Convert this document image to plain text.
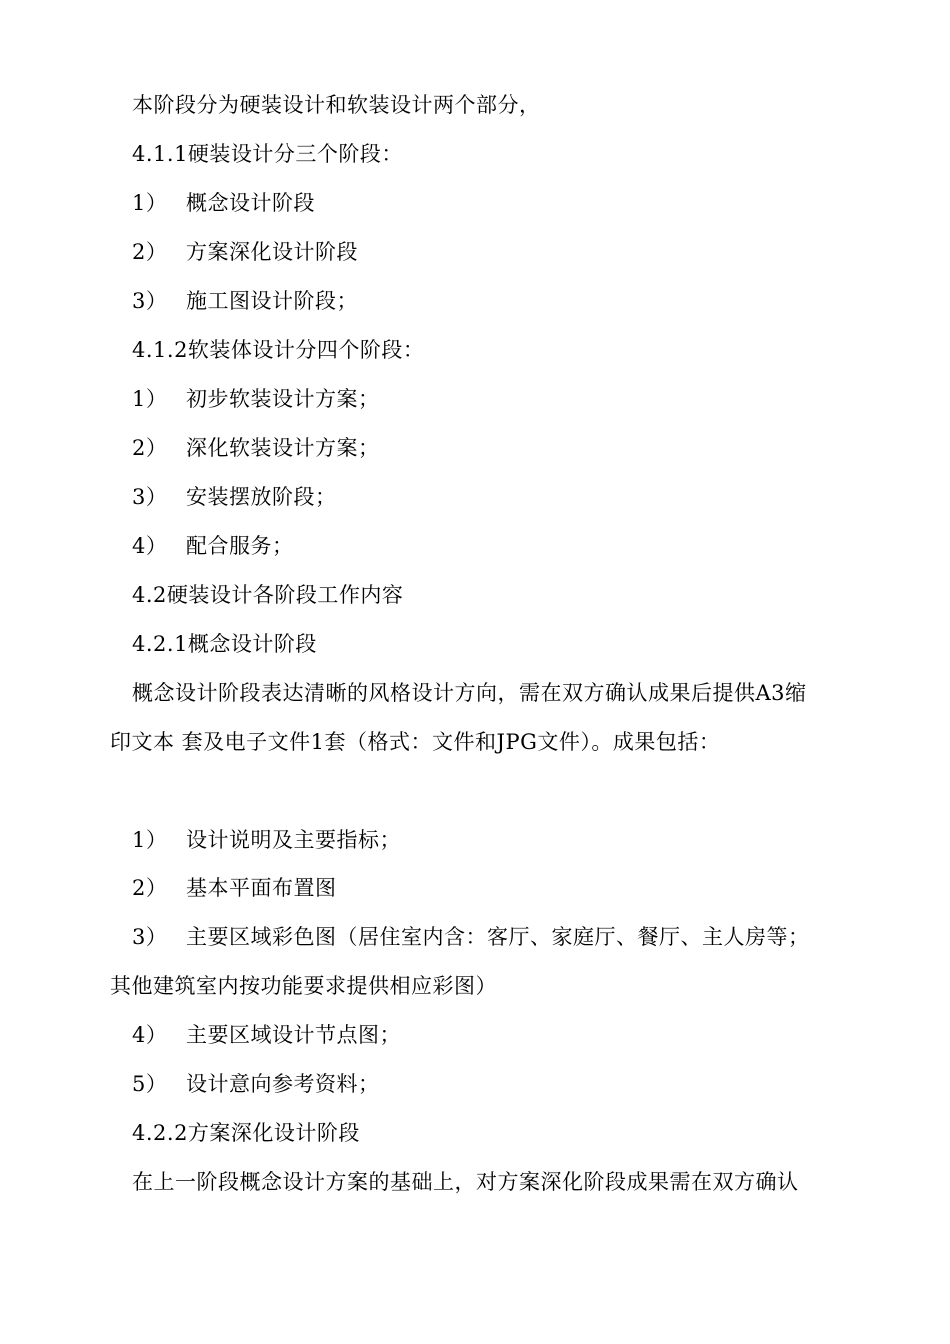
本阶段分为硬装设计和软装设计两个部分，
4.1.1硬装设计分三个阶段：
1） 概念设计阶段
2） 方案深化设计阶段
3） 施工图设计阶段；
4.1.2软装体设计分四个阶段：
1） 初步软装设计方案；
2） 深化软装设计方案；
3） 安装摆放阶段；
4） 配合服务；
4.2硬装设计各阶段工作内容
4.2.1概念设计阶段
概念设计阶段表达清晰的风格设计方向，需在双方确认成果后提供A3缩
印文本 套及电子文件1套（格式：文件和JPG文件）。成果包括：
1） 设计说明及主要指标；
2） 基本平面布置图
3） 主要区域彩色图（居住室内含：客厅、家庭厅、餐厅、主人房等；
其他建筑室内按功能要求提供相应彩图）
4） 主要区域设计节点图；
5） 设计意向参考资料；
4.2.2方案深化设计阶段
在上一阶段概念设计方案的基础上，对方案深化阶段成果需在双方确认
